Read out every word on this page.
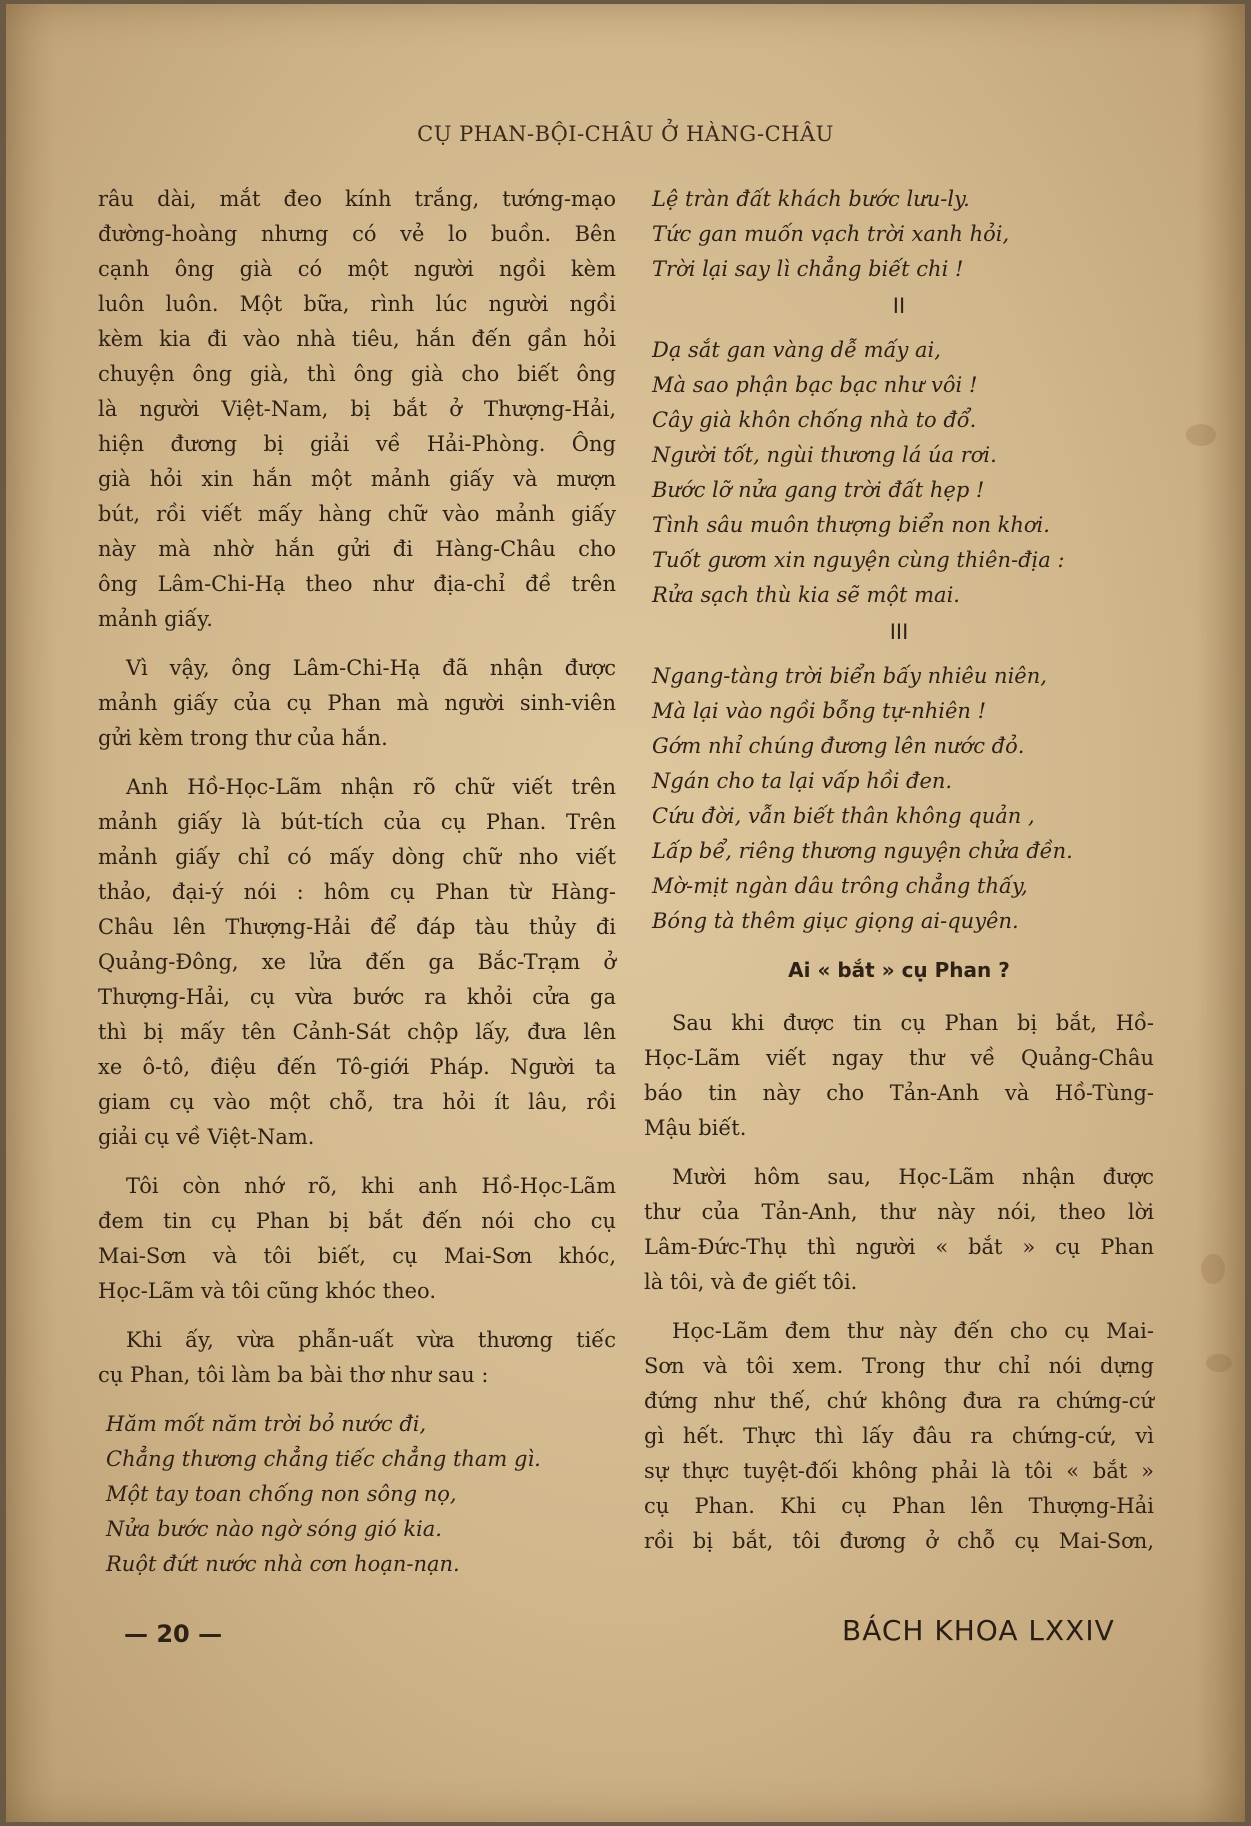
CỤ PHAN-BỘI-CHÂU Ở HÀNG-CHÂU
râu dài, mắt đeo kính trắng, tướng-mạo
đường-hoàng nhưng có vẻ lo buồn. Bên
cạnh ông già có một người ngồi kèm
luôn luôn. Một bữa, rình lúc người ngồi
kèm kia đi vào nhà tiêu, hắn đến gần hỏi
chuyện ông già, thì ông già cho biết ông
là người Việt-Nam, bị bắt ở Thượng-Hải,
hiện đương bị giải về Hải-Phòng. Ông
già hỏi xin hắn một mảnh giấy và mượn
bút, rồi viết mấy hàng chữ vào mảnh giấy
này mà nhờ hắn gửi đi Hàng-Châu cho
ông Lâm-Chi-Hạ theo như địa-chỉ đề trên
mảnh giấy.
Vì vậy, ông Lâm-Chi-Hạ đã nhận được
mảnh giấy của cụ Phan mà người sinh-viên
gửi kèm trong thư của hắn.
Anh Hồ-Học-Lãm nhận rõ chữ viết trên
mảnh giấy là bút-tích của cụ Phan. Trên
mảnh giấy chỉ có mấy dòng chữ nho viết
thảo, đại-ý nói : hôm cụ Phan từ Hàng-
Châu lên Thượng-Hải để đáp tàu thủy đi
Quảng-Đông, xe lửa đến ga Bắc-Trạm ở
Thượng-Hải, cụ vừa bước ra khỏi cửa ga
thì bị mấy tên Cảnh-Sát chộp lấy, đưa lên
xe ô-tô, điệu đến Tô-giới Pháp. Người ta
giam cụ vào một chỗ, tra hỏi ít lâu, rồi
giải cụ về Việt-Nam.
Tôi còn nhớ rõ, khi anh Hồ-Học-Lãm
đem tin cụ Phan bị bắt đến nói cho cụ
Mai-Sơn và tôi biết, cụ Mai-Sơn khóc,
Học-Lãm và tôi cũng khóc theo.
Khi ấy, vừa phẫn-uất vừa thương tiếc
cụ Phan, tôi làm ba bài thơ như sau :
Hăm mốt năm trời bỏ nước đi,
Chẳng thương chẳng tiếc chẳng tham gì.
Một tay toan chống non sông nọ,
Nửa bước nào ngờ sóng gió kia.
Ruột đứt nước nhà cơn hoạn-nạn.
Lệ tràn đất khách bước lưu-ly.
Tức gan muốn vạch trời xanh hỏi,
Trời lại say lì chẳng biết chi !
II
Dạ sắt gan vàng dễ mấy ai,
Mà sao phận bạc bạc như vôi !
Cây già khôn chống nhà to đổ.
Người tốt, ngùi thương lá úa rơi.
Bước lỡ nửa gang trời đất hẹp !
Tình sâu muôn thượng biển non khơi.
Tuốt gươm xin nguyện cùng thiên-địa :
Rửa sạch thù kia sẽ một mai.
III
Ngang-tàng trời biển bấy nhiêu niên,
Mà lại vào ngồi bỗng tự-nhiên !
Gớm nhỉ chúng đương lên nước đỏ.
Ngán cho ta lại vấp hồi đen.
Cứu đời, vẫn biết thân không quản ,
Lấp bể, riêng thương nguyện chửa đền.
Mờ-mịt ngàn dâu trông chẳng thấy,
Bóng tà thêm giục giọng ai-quyên.
Ai « bắt » cụ Phan ?
Sau khi được tin cụ Phan bị bắt, Hồ-
Học-Lãm viết ngay thư về Quảng-Châu
báo tin này cho Tản-Anh và Hồ-Tùng-
Mậu biết.
Mười hôm sau, Học-Lãm nhận được
thư của Tản-Anh, thư này nói, theo lời
Lâm-Đức-Thụ thì người « bắt » cụ Phan
là tôi, và đe giết tôi.
Học-Lãm đem thư này đến cho cụ Mai-
Sơn và tôi xem. Trong thư chỉ nói dựng
đứng như thế, chứ không đưa ra chứng-cứ
gì hết. Thực thì lấy đâu ra chứng-cứ, vì
sự thực tuyệt-đối không phải là tôi « bắt »
cụ Phan. Khi cụ Phan lên Thượng-Hải
rồi bị bắt, tôi đương ở chỗ cụ Mai-Sơn,
— 20 —	BÁCH KHOA LXXIV
